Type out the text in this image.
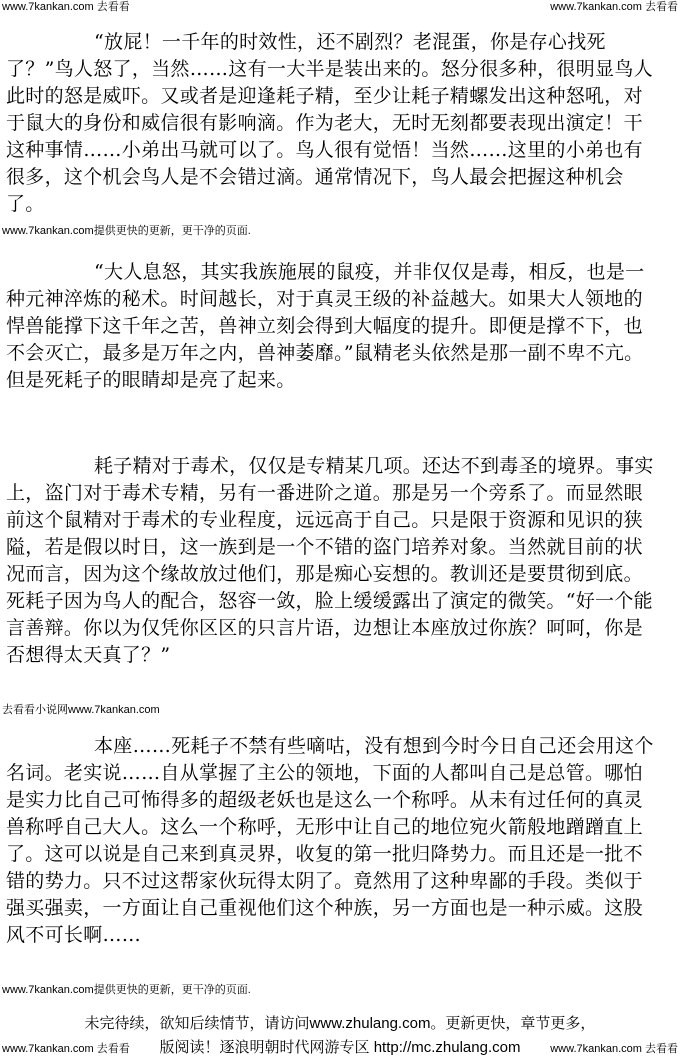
www.7kankan.com 去看看	www.7kankan.com 去看看
“放屁！一千年的时效性，还不剧烈？老混蛋，你是存心找死了？”鸟人怒了，当然……这有一大半是装出来的。怒分很多种，很明显鸟人此时的怒是威吓。又或者是迎逢耗子精，至少让耗子精螺发出这种怒吼，对于鼠大的身份和威信很有影响滴。作为老大，无时无刻都要表现出演定！干这种事情……小弟出马就可以了。鸟人很有觉悟！当然……这里的小弟也有很多，这个机会鸟人是不会错过滴。通常情况下，鸟人最会把握这种机会了。
www.7kankan.com提供更快的更新，更干净的页面.
“大人息怒，其实我族施展的鼠疫，并非仅仅是毒，相反，也是一种元神淬炼的秘术。时间越长，对于真灵王级的补益越大。如果大人领地的悍兽能撑下这千年之苦，兽神立刻会得到大幅度的提升。即便是撑不下，也不会灭亡，最多是万年之内，兽神萎靡。”鼠精老头依然是那一副不卑不亢。但是死耗子的眼睛却是亮了起来。
耗子精对于毒术，仅仅是专精某几项。还达不到毒圣的境界。事实上，盗门对于毒术专精，另有一番进阶之道。那是另一个旁系了。而显然眼前这个鼠精对于毒术的专业程度，远远高于自己。只是限于资源和见识的狭隘，若是假以时日，这一族到是一个不错的盗门培养对象。当然就目前的状况而言，因为这个缘故放过他们，那是痴心妄想的。教训还是要贯彻到底。死耗子因为鸟人的配合，怒容一敛，脸上缓缓露出了演定的微笑。“好一个能言善辩。你以为仅凭你区区的只言片语，边想让本座放过你族？呵呵，你是否想得太天真了？”
去看看小说网www.7kankan.com
本座……死耗子不禁有些嘀咕，没有想到今时今日自己还会用这个名词。老实说……自从掌握了主公的领地，下面的人都叫自己是总管。哪怕是实力比自己可怖得多的超级老妖也是这么一个称呼。从未有过任何的真灵兽称呼自己大人。这么一个称呼，无形中让自己的地位宛火箭般地蹭蹭直上了。这可以说是自己来到真灵界，收复的第一批归降势力。而且还是一批不错的势力。只不过这帮家伙玩得太阴了。竟然用了这种卑鄙的手段。类似于强买强卖，一方面让自己重视他们这个种族，另一方面也是一种示威。这股风不可长啊……
www.7kankan.com提供更快的更新，更干净的页面.
未完待续，欲知后续情节，请访问www.zhulang.com。更新更快，章节更多，
版阅读！逐浪明朝时代网游专区 http://mc.zhulang.com
www.7kankan.com 去看看	www.7kankan.com 去看看
